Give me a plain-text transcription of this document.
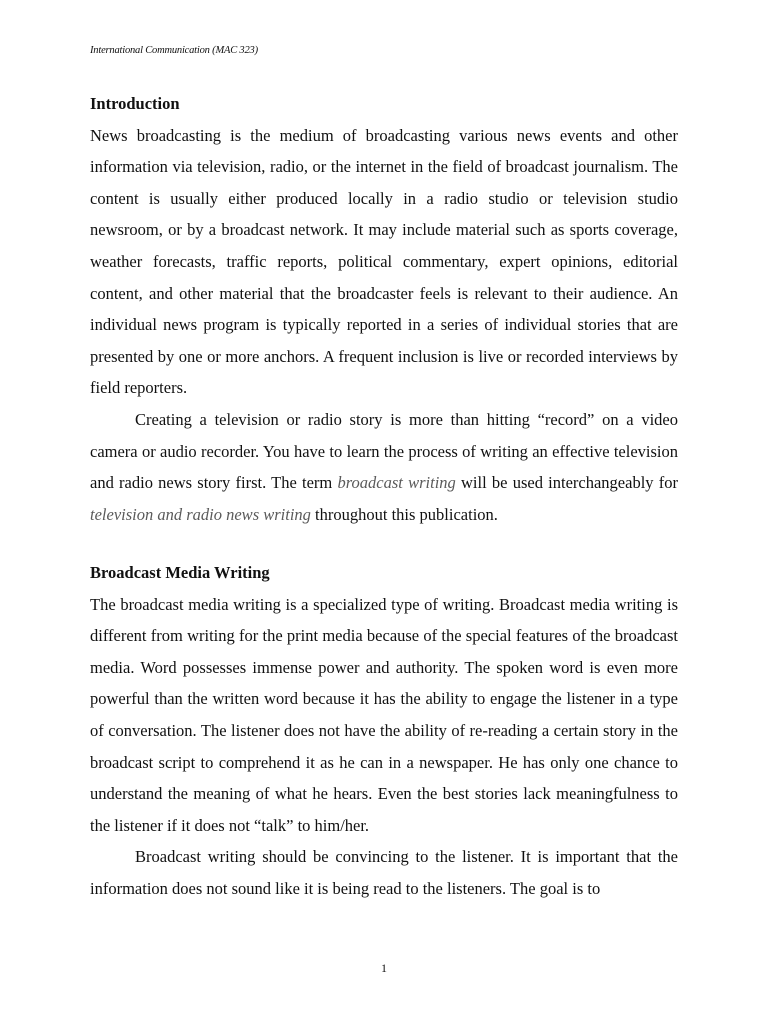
International Communication (MAC 323)
Introduction

News broadcasting is the medium of broadcasting various news events and other information via television, radio, or the internet in the field of broadcast journalism. The content is usually either produced locally in a radio studio or television studio newsroom, or by a broadcast network. It may include material such as sports coverage, weather forecasts, traffic reports, political commentary, expert opinions, editorial content, and other material that the broadcaster feels is relevant to their audience. An individual news program is typically reported in a series of individual stories that are presented by one or more anchors. A frequent inclusion is live or recorded interviews by field reporters.

Creating a television or radio story is more than hitting “record” on a video camera or audio recorder. You have to learn the process of writing an effective television and radio news story first. The term broadcast writing will be used interchangeably for television and radio news writing throughout this publication.

Broadcast Media Writing

The broadcast media writing is a specialized type of writing. Broadcast media writing is different from writing for the print media because of the special features of the broadcast media. Word possesses immense power and authority. The spoken word is even more powerful than the written word because it has the ability to engage the listener in a type of conversation. The listener does not have the ability of re-reading a certain story in the broadcast script to comprehend it as he can in a newspaper. He has only one chance to understand the meaning of what he hears. Even the best stories lack meaningfulness to the listener if it does not “talk” to him/her.

Broadcast writing should be convincing to the listener. It is important that the information does not sound like it is being read to the listeners. The goal is to

1
